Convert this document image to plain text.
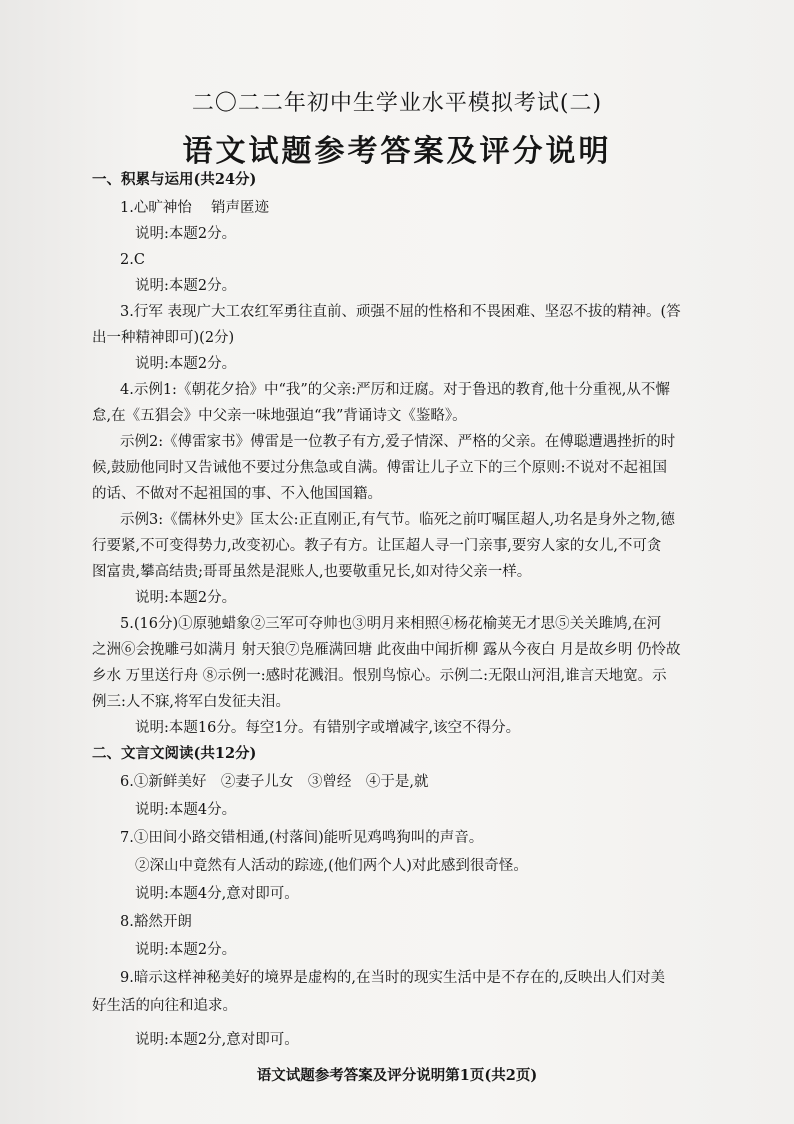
二〇二二年初中生学业水平模拟考试(二)
语文试题参考答案及评分说明
一、积累与运用(共24分)
1.心旷神怡　 销声匿迹
说明:本题2分。
2.C
说明:本题2分。
3.行军 表现广大工农红军勇往直前、顽强不屈的性格和不畏困难、坚忍不拔的精神。(答
出一种精神即可)(2分)
说明:本题2分。
4.示例1:《朝花夕拾》中“我”的父亲:严厉和迂腐。对于鲁迅的教育,他十分重视,从不懈
怠,在《五猖会》中父亲一味地强迫“我”背诵诗文《鉴略》。
示例2:《傅雷家书》傅雷是一位教子有方,爱子情深、严格的父亲。在傅聪遭遇挫折的时
候,鼓励他同时又告诫他不要过分焦急或自满。傅雷让儿子立下的三个原则:不说对不起祖国
的话、不做对不起祖国的事、不入他国国籍。
示例3:《儒林外史》匡太公:正直刚正,有气节。临死之前叮嘱匡超人,功名是身外之物,德
行要紧,不可变得势力,改变初心。教子有方。让匡超人寻一门亲事,要穷人家的女儿,不可贪
图富贵,攀高结贵;哥哥虽然是混账人,也要敬重兄长,如对待父亲一样。
说明:本题2分。
5.(16分)①原驰蜡象②三军可夺帅也③明月来相照④杨花榆荚无才思⑤关关雎鸠,在河
之洲⑥会挽雕弓如满月 射天狼⑦凫雁满回塘 此夜曲中闻折柳 露从今夜白 月是故乡明 仍怜故
乡水 万里送行舟 ⑧示例一:感时花溅泪。恨别鸟惊心。示例二:无限山河泪,谁言天地宽。示
例三:人不寐,将军白发征夫泪。
说明:本题16分。每空1分。有错别字或增减字,该空不得分。
二、文言文阅读(共12分)
6.①新鲜美好　②妻子儿女　③曾经　④于是,就
说明:本题4分。
7.①田间小路交错相通,(村落间)能听见鸡鸣狗叫的声音。
②深山中竟然有人活动的踪迹,(他们两个人)对此感到很奇怪。
说明:本题4分,意对即可。
8.豁然开朗
说明:本题2分。
9.暗示这样神秘美好的境界是虚构的,在当时的现实生活中是不存在的,反映出人们对美
好生活的向往和追求。
说明:本题2分,意对即可。
语文试题参考答案及评分说明第1页(共2页)
